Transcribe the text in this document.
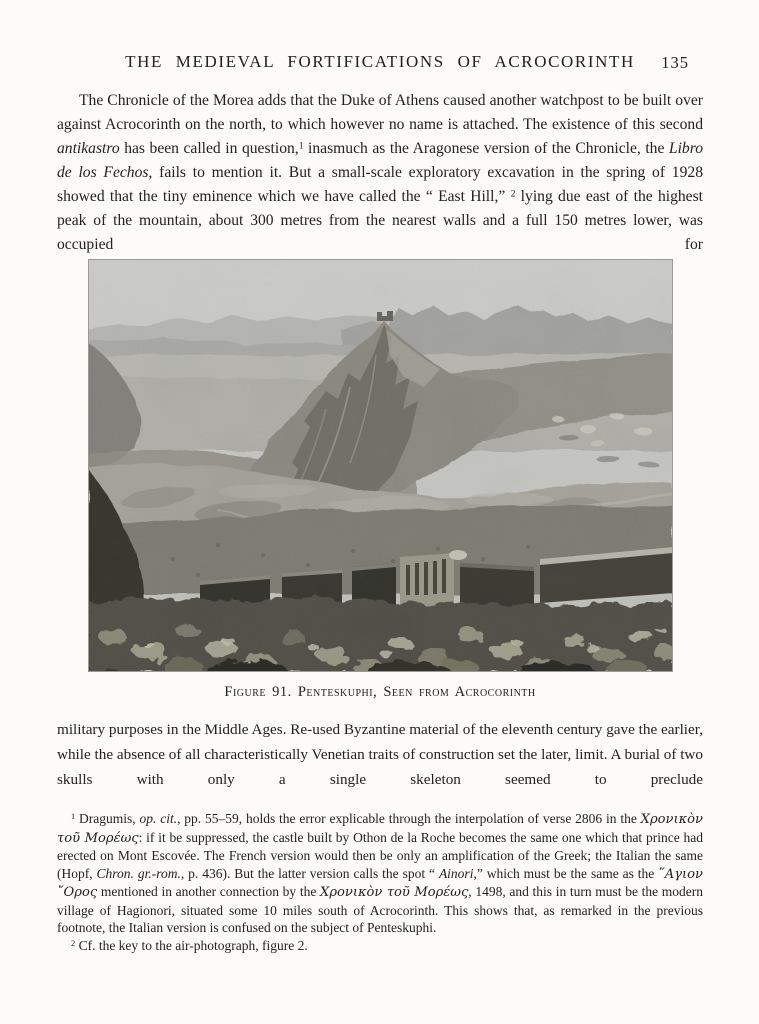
THE MEDIEVAL FORTIFICATIONS OF ACROCORINTH 135

The Chronicle of the Morea adds that the Duke of Athens caused another watchpost to be built over against Acrocorinth on the north, to which however no name is attached. The existence of this second antikastro has been called in question,$^1$ inasmuch as the Aragonese version of the Chronicle, the Libro de los Fechos, fails to mention it. But a small-scale exploratory excavation in the spring of 1928 showed that the tiny eminence which we have called the “ East Hill,” $^2$ lying due east of the highest peak of the mountain, about 300 metres from the nearest walls and a full 150 metres lower, was occupied for

Figure 91. Penteskuphi, Seen from Acrocorinth

military purposes in the Middle Ages. Re-used Byzantine material of the eleventh century gave the earlier, while the absence of all characteristically Venetian traits of construction set the later, limit. A burial of two skulls with only a single skeleton seemed to preclude

$^1$ Dragumis, op. cit., pp. 55–59, holds the error explicable through the interpolation of verse 2806 in the Χρονικὸν τοῦ Μορέως: if it be suppressed, the castle built by Othon de la Roche becomes the same one which that prince had erected on Mont Escovée. The French version would then be only an amplification of the Greek; the Italian the same (Hopf, Chron. gr.-rom., p. 436). But the latter version calls the spot “ Ainori,” which must be the same as the ῞Αγιον ῎Ορος mentioned in another connection by the Χρονικὸν τοῦ Μορέως, 1498, and this in turn must be the modern village of Hagionori, situated some 10 miles south of Acrocorinth. This shows that, as remarked in the previous footnote, the Italian version is confused on the subject of Penteskuphi.

$^2$ Cf. the key to the air-photograph, figure 2.
